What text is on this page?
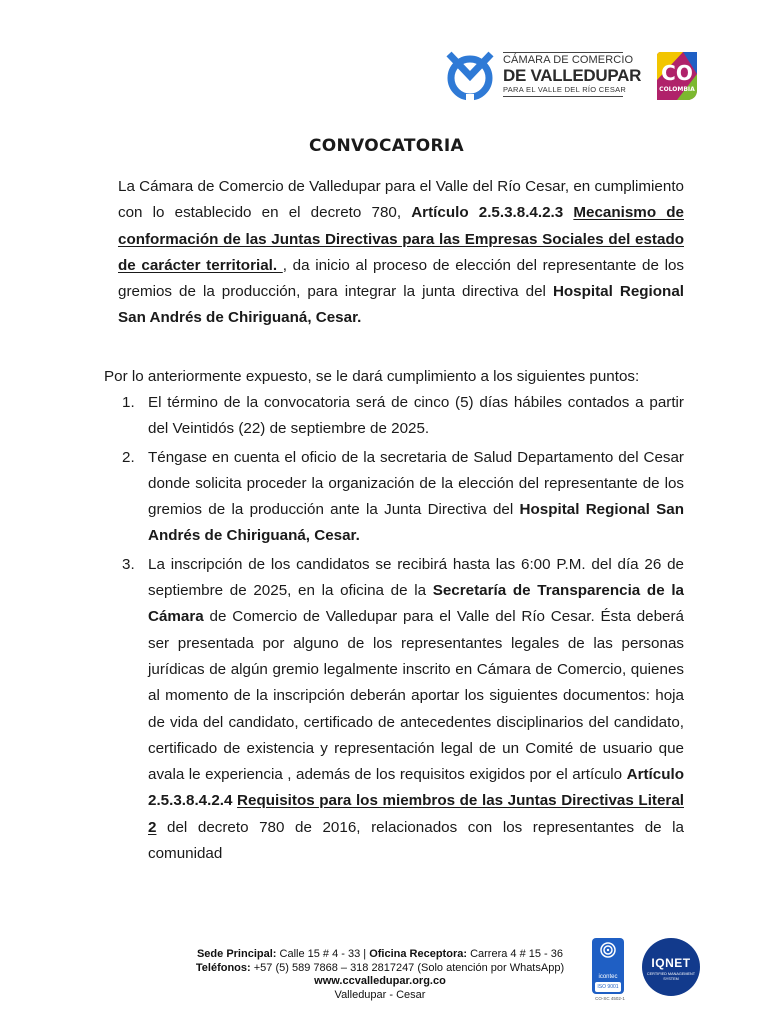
CÁMARA DE COMERCIO
DE VALLEDUPAR
PARA EL VALLE DEL RÍO CESAR
CO
COLOMBIA
CONVOCATORIA
La Cámara de Comercio de Valledupar para el Valle del Río Cesar, en cumplimiento con lo establecido en el decreto 780, Artículo 2.5.3.8.4.2.3 Mecanismo de conformación de las Juntas Directivas para las Empresas Sociales del estado de carácter territorial. , da inicio al proceso de elección del representante de los gremios de la producción, para integrar la junta directiva del Hospital Regional San Andrés de Chiriguaná, Cesar.
Por lo anteriormente expuesto, se le dará cumplimiento a los siguientes puntos:
1. El término de la convocatoria será de cinco (5) días hábiles contados a partir del Veintidós (22) de septiembre de 2025.
2. Téngase en cuenta el oficio de la secretaria de Salud Departamento del Cesar donde solicita proceder la organización de la elección del representante de los gremios de la producción ante la Junta Directiva del Hospital Regional San Andrés de Chiriguaná, Cesar.
3. La inscripción de los candidatos se recibirá hasta las 6:00 P.M. del día 26 de septiembre de 2025, en la oficina de la Secretaría de Transparencia de la Cámara de Comercio de Valledupar para el Valle del Río Cesar. Ésta deberá ser presentada por alguno de los representantes legales de las personas jurídicas de algún gremio legalmente inscrito en Cámara de Comercio, quienes al momento de la inscripción deberán aportar los siguientes documentos: hoja de vida del candidato, certificado de antecedentes disciplinarios del candidato, certificado de existencia y representación legal de un Comité de usuario que avala le experiencia , además de los requisitos exigidos por el artículo Artículo 2.5.3.8.4.2.4 Requisitos para los miembros de las Juntas Directivas Literal 2 del decreto 780 de 2016, relacionados con los representantes de la comunidad
Sede Principal: Calle 15 # 4 - 33 | Oficina Receptora: Carrera 4 # 15 - 36
Teléfonos: +57 (5) 589 7868 – 318 2817247 (Solo atención por WhatsApp)
www.ccvalledupar.org.co
Valledupar - Cesar
icontec
ISO 9001
CO-SC 4502-1
IQNET
CERTIFIED MANAGEMENT SYSTEM
